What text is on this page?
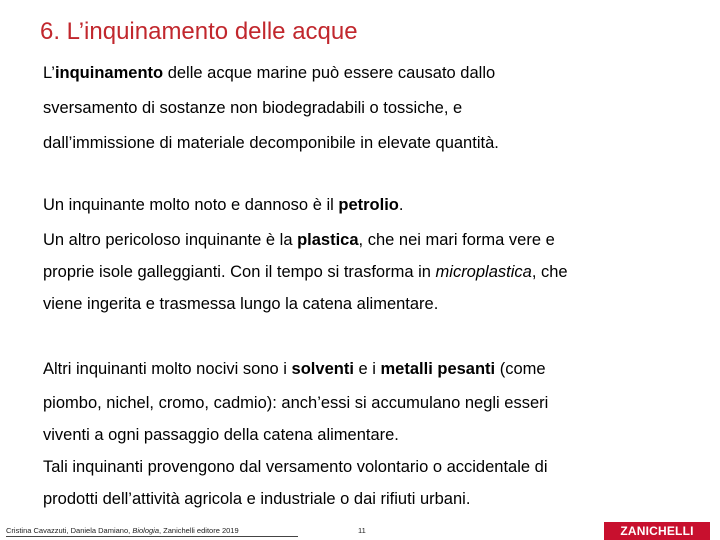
6. L’inquinamento delle acque
L’inquinamento delle acque marine può essere causato dallo
sversamento di sostanze non biodegradabili o tossiche, e
dall’immissione di materiale decomponibile in elevate quantità.
Un inquinante molto noto e dannoso è il petrolio.
Un altro pericoloso inquinante è la plastica, che nei mari forma vere e
proprie isole galleggianti. Con il tempo si trasforma in microplastica, che
viene ingerita e trasmessa lungo la catena alimentare.
Altri inquinanti molto nocivi sono i solventi e i metalli pesanti (come
piombo, nichel, cromo, cadmio): anch’essi si accumulano negli esseri
viventi a ogni passaggio della catena alimentare.
Tali inquinanti provengono dal versamento volontario o accidentale di
prodotti dell’attività agricola e industriale o dai rifiuti urbani.
Cristina Cavazzuti, Daniela Damiano, Biologia, Zanichelli editore 2019	11	ZANICHELLI
